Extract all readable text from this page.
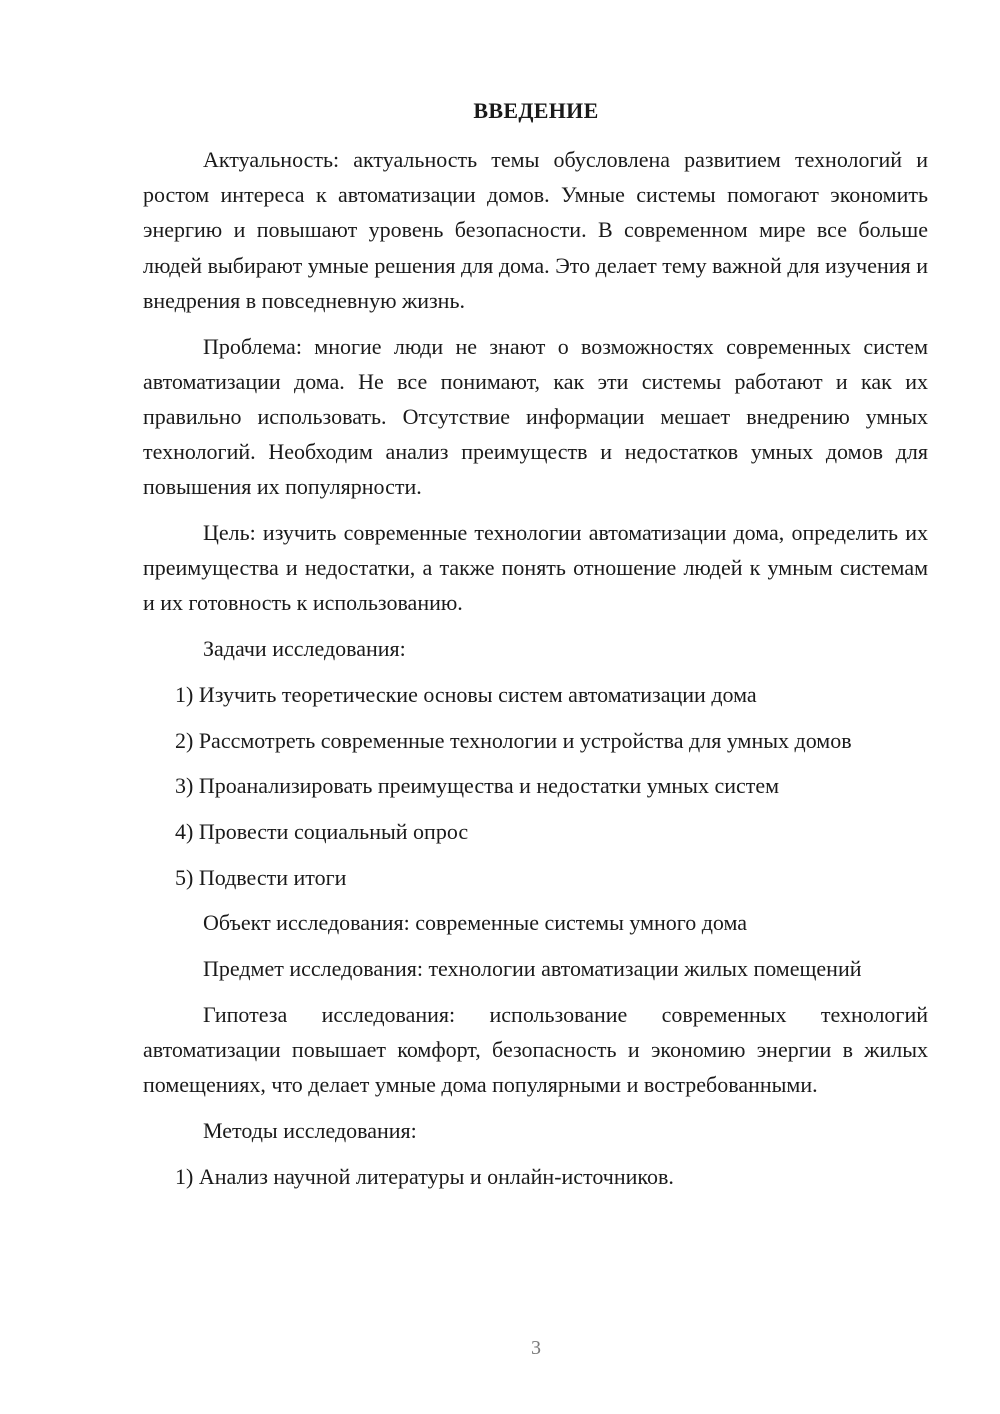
ВВЕДЕНИЕ

Актуальность: актуальность темы обусловлена развитием технологий и ростом интереса к автоматизации домов. Умные системы помогают экономить энергию и повышают уровень безопасности. В современном мире все больше людей выбирают умные решения для дома. Это делает тему важной для изучения и внедрения в повседневную жизнь.

Проблема: многие люди не знают о возможностях современных систем автоматизации дома. Не все понимают, как эти системы работают и как их правильно использовать. Отсутствие информации мешает внедрению умных технологий. Необходим анализ преимуществ и недостатков умных домов для повышения их популярности.

Цель: изучить современные технологии автоматизации дома, определить их преимущества и недостатки, а также понять отношение людей к умным системам и их готовность к использованию.

Задачи исследования:

1) Изучить теоретические основы систем автоматизации дома

2) Рассмотреть современные технологии и устройства для умных домов

3) Проанализировать преимущества и недостатки умных систем

4) Провести социальный опрос

5) Подвести итоги

Объект исследования: современные системы умного дома

Предмет исследования: технологии автоматизации жилых помещений

Гипотеза исследования: использование современных технологий автоматизации повышает комфорт, безопасность и экономию энергии в жилых помещениях, что делает умные дома популярными и востребованными.

Методы исследования:

1) Анализ научной литературы и онлайн-источников.

3
